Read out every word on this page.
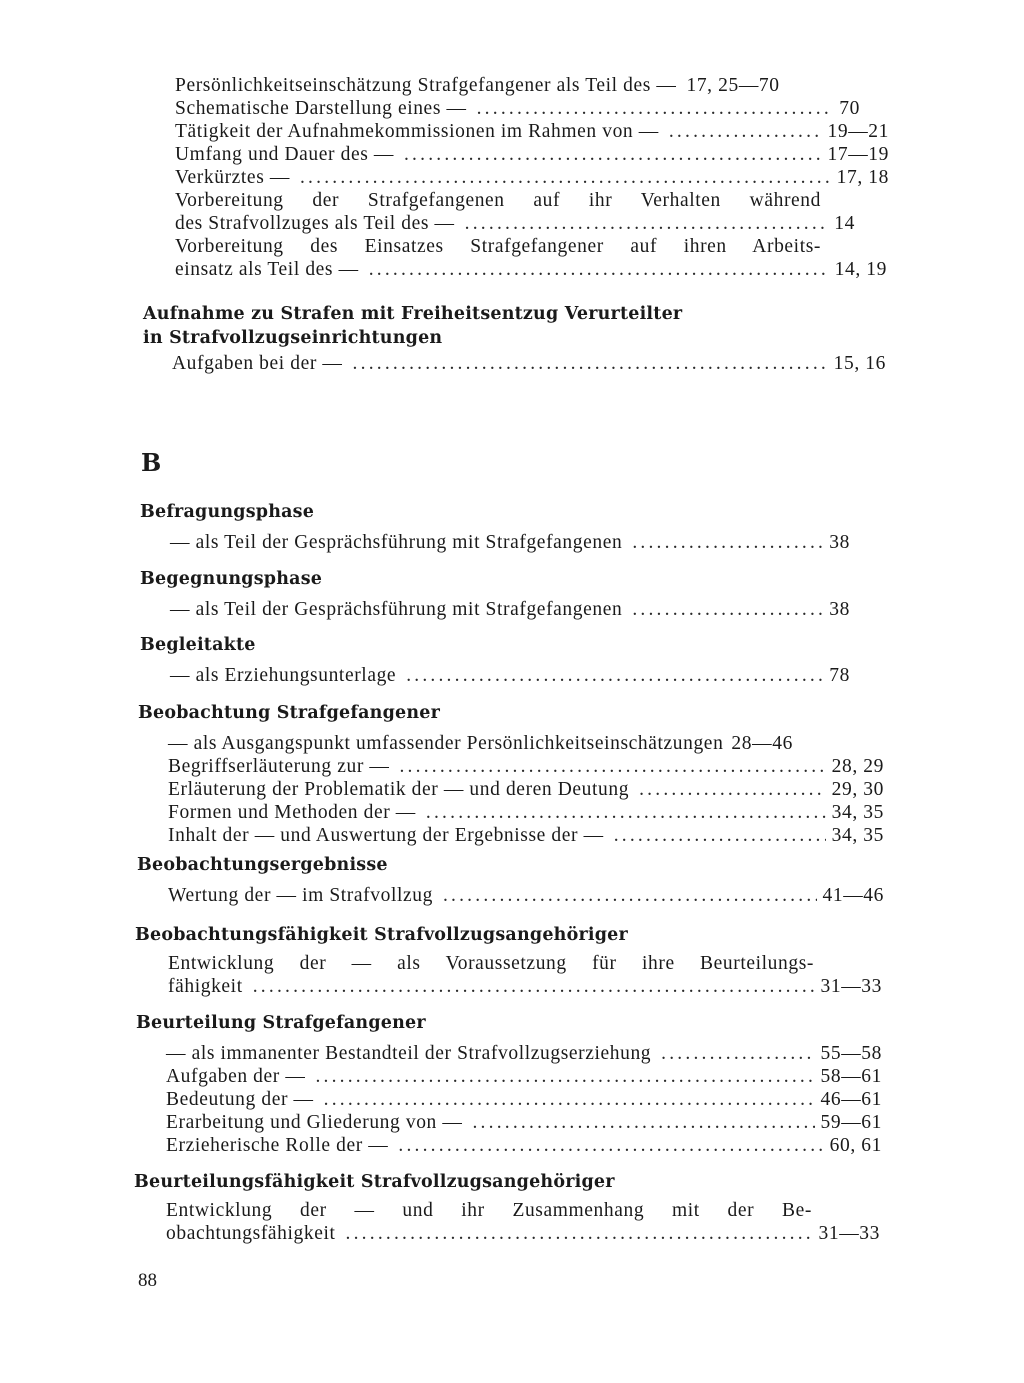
Persönlichkeitseinschätzung Strafgefangener als Teil des — 17, 25—70
Schematische Darstellung eines — .....	70
Tätigkeit der Aufnahmekommissionen im Rahmen von — .....	19—21
Umfang und Dauer des — .....	17—19
Verkürztes — .....	17, 18
Vorbereitung der Strafgefangenen auf ihr Verhalten während
des Strafvollzuges als Teil des — .....	14
Vorbereitung des Einsatzes Strafgefangener auf ihren Arbeits-
einsatz als Teil des — .....	14, 19
Aufnahme zu Strafen mit Freiheitsentzug Verurteilter
in Strafvollzugseinrichtungen
Aufgaben bei der — .....	15, 16
B
Befragungsphase
— als Teil der Gesprächsführung mit Strafgefangenen .....	38
Begegnungsphase
— als Teil der Gesprächsführung mit Strafgefangenen .....	38
Begleitakte
— als Erziehungsunterlage .....	78
Beobachtung Strafgefangener
— als Ausgangspunkt umfassender Persönlichkeitseinschätzungen 28—46
Begriffserläuterung zur — .....	28, 29
Erläuterung der Problematik der — und deren Deutung .....	29, 30
Formen und Methoden der — .....	34, 35
Inhalt der — und Auswertung der Ergebnisse der — .....	34, 35
Beobachtungsergebnisse
Wertung der — im Strafvollzug .....	41—46
Beobachtungsfähigkeit Strafvollzugsangehöriger
Entwicklung der — als Voraussetzung für ihre Beurteilungs-
fähigkeit .....	31—33
Beurteilung Strafgefangener
— als immanenter Bestandteil der Strafvollzugserziehung .....	55—58
Aufgaben der — .....	58—61
Bedeutung der — .....	46—61
Erarbeitung und Gliederung von — .....	59—61
Erzieherische Rolle der — .....	60, 61
Beurteilungsfähigkeit Strafvollzugsangehöriger
Entwicklung der — und ihr Zusammenhang mit der Be-
obachtungsfähigkeit .....	31—33
88
